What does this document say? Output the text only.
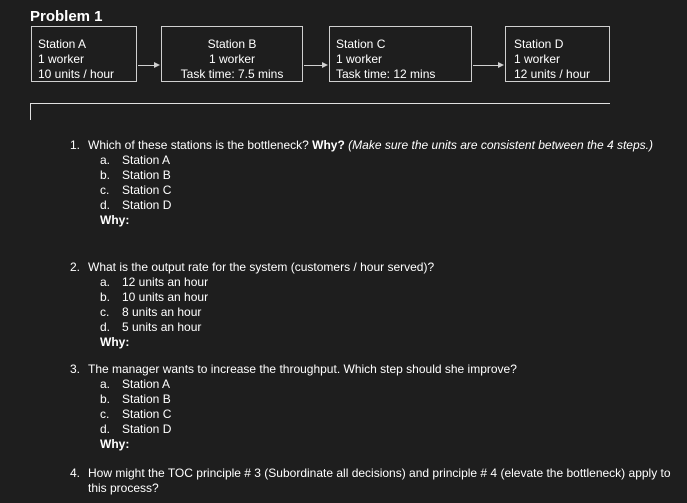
Problem 1
Station A
1 worker
10 units / hour
Station B
1 worker
Task time: 7.5 mins
Station C
1 worker
Task time: 12 mins
Station D
1 worker
12 units / hour
1. Which of these stations is the bottleneck? Why? (Make sure the units are consistent between the 4 steps.)
a. Station A
b. Station B
c. Station C
d. Station D
Why:
2. What is the output rate for the system (customers / hour served)?
a. 12 units an hour
b. 10 units an hour
c. 8 units an hour
d. 5 units an hour
Why:
3. The manager wants to increase the throughput. Which step should she improve?
a. Station A
b. Station B
c. Station C
d. Station D
Why:
4. How might the TOC principle # 3 (Subordinate all decisions) and principle # 4 (elevate the bottleneck) apply to this process?
